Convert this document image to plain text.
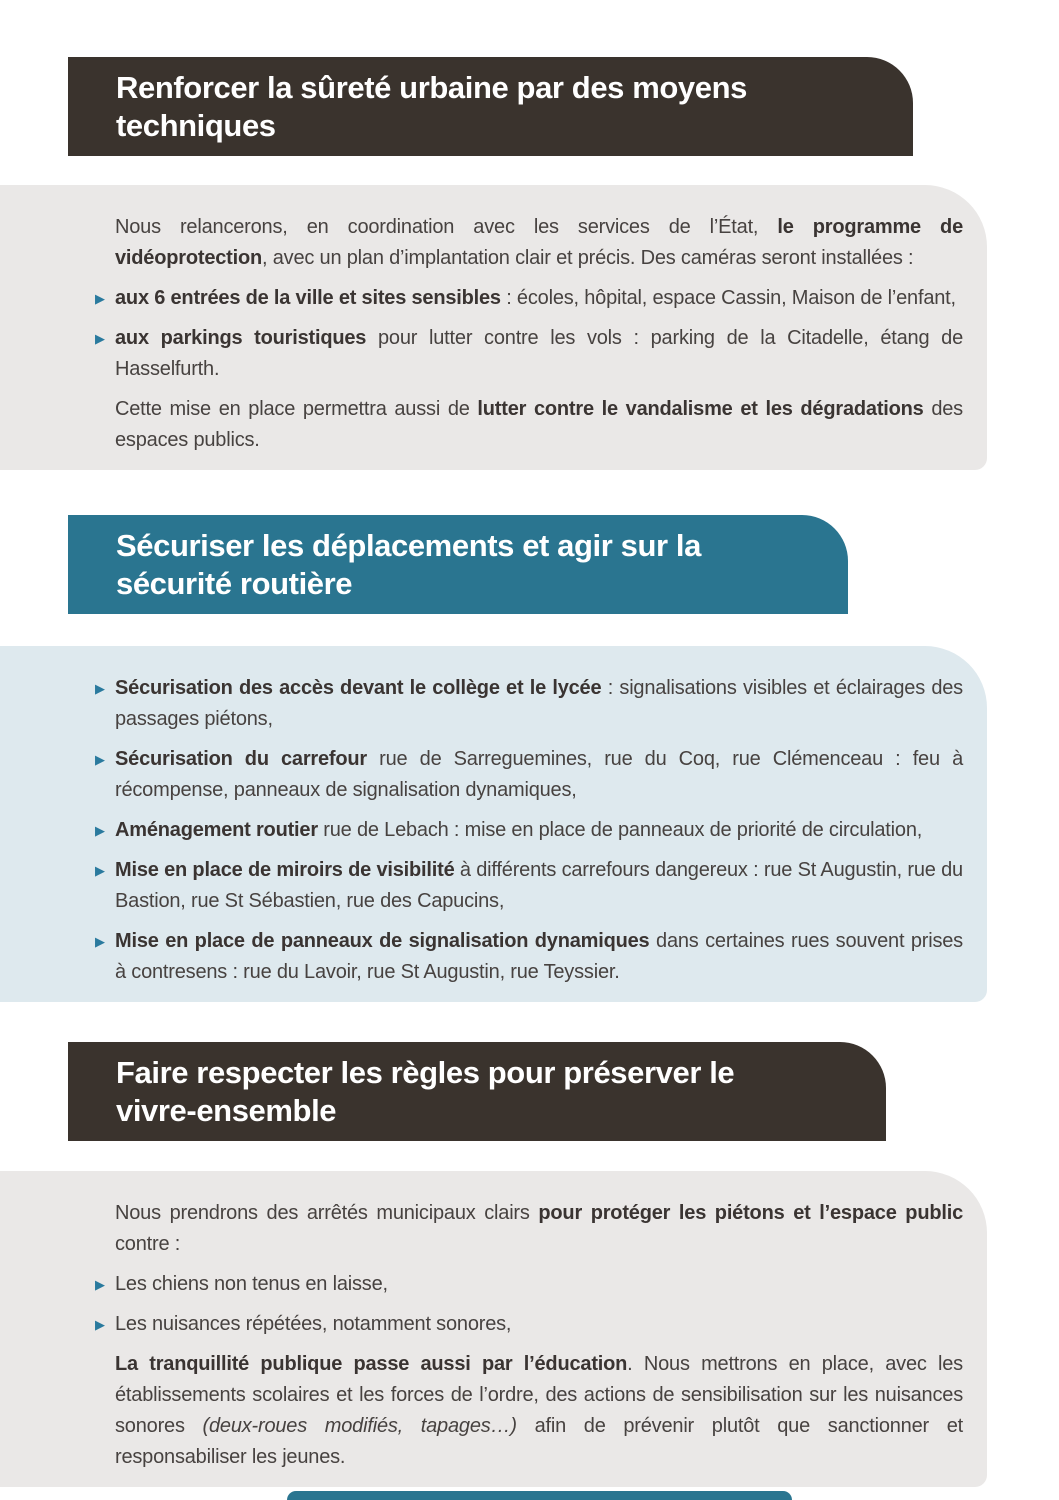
Renforcer la sûreté urbaine par des moyens
techniques

Nous relancerons, en coordination avec les services de l’État, le programme de vidéoprotection, avec un plan d’implantation clair et précis. Des caméras seront installées :

▶ aux 6 entrées de la ville et sites sensibles : écoles, hôpital, espace Cassin, Maison de l’enfant,

▶ aux parkings touristiques pour lutter contre les vols : parking de la Citadelle, étang de Hasselfurth.

Cette mise en place permettra aussi de lutter contre le vandalisme et les dégradations des espaces publics.

Sécuriser les déplacements et agir sur la
sécurité routière

▶ Sécurisation des accès devant le collège et le lycée : signalisations visibles et éclairages des passages piétons,

▶ Sécurisation du carrefour rue de Sarreguemines, rue du Coq, rue Clémenceau : feu à récompense, panneaux de signalisation dynamiques,

▶ Aménagement routier rue de Lebach : mise en place de panneaux de priorité de circulation,

▶ Mise en place de miroirs de visibilité à différents carrefours dangereux : rue St Augustin, rue du Bastion, rue St Sébastien, rue des Capucins,

▶ Mise en place de panneaux de signalisation dynamiques dans certaines rues souvent prises à contresens : rue du Lavoir, rue St Augustin, rue Teyssier.

Faire respecter les règles pour préserver le
vivre-ensemble

Nous prendrons des arrêtés municipaux clairs pour protéger les piétons et l’espace public contre :

▶ Les chiens non tenus en laisse,

▶ Les nuisances répétées, notamment sonores,

La tranquillité publique passe aussi par l’éducation. Nous mettrons en place, avec les établissements scolaires et les forces de l’ordre, des actions de sensibilisation sur les nuisances sonores (deux-roues modifiés, tapages…) afin de prévenir plutôt que sanctionner et responsabiliser les jeunes.
